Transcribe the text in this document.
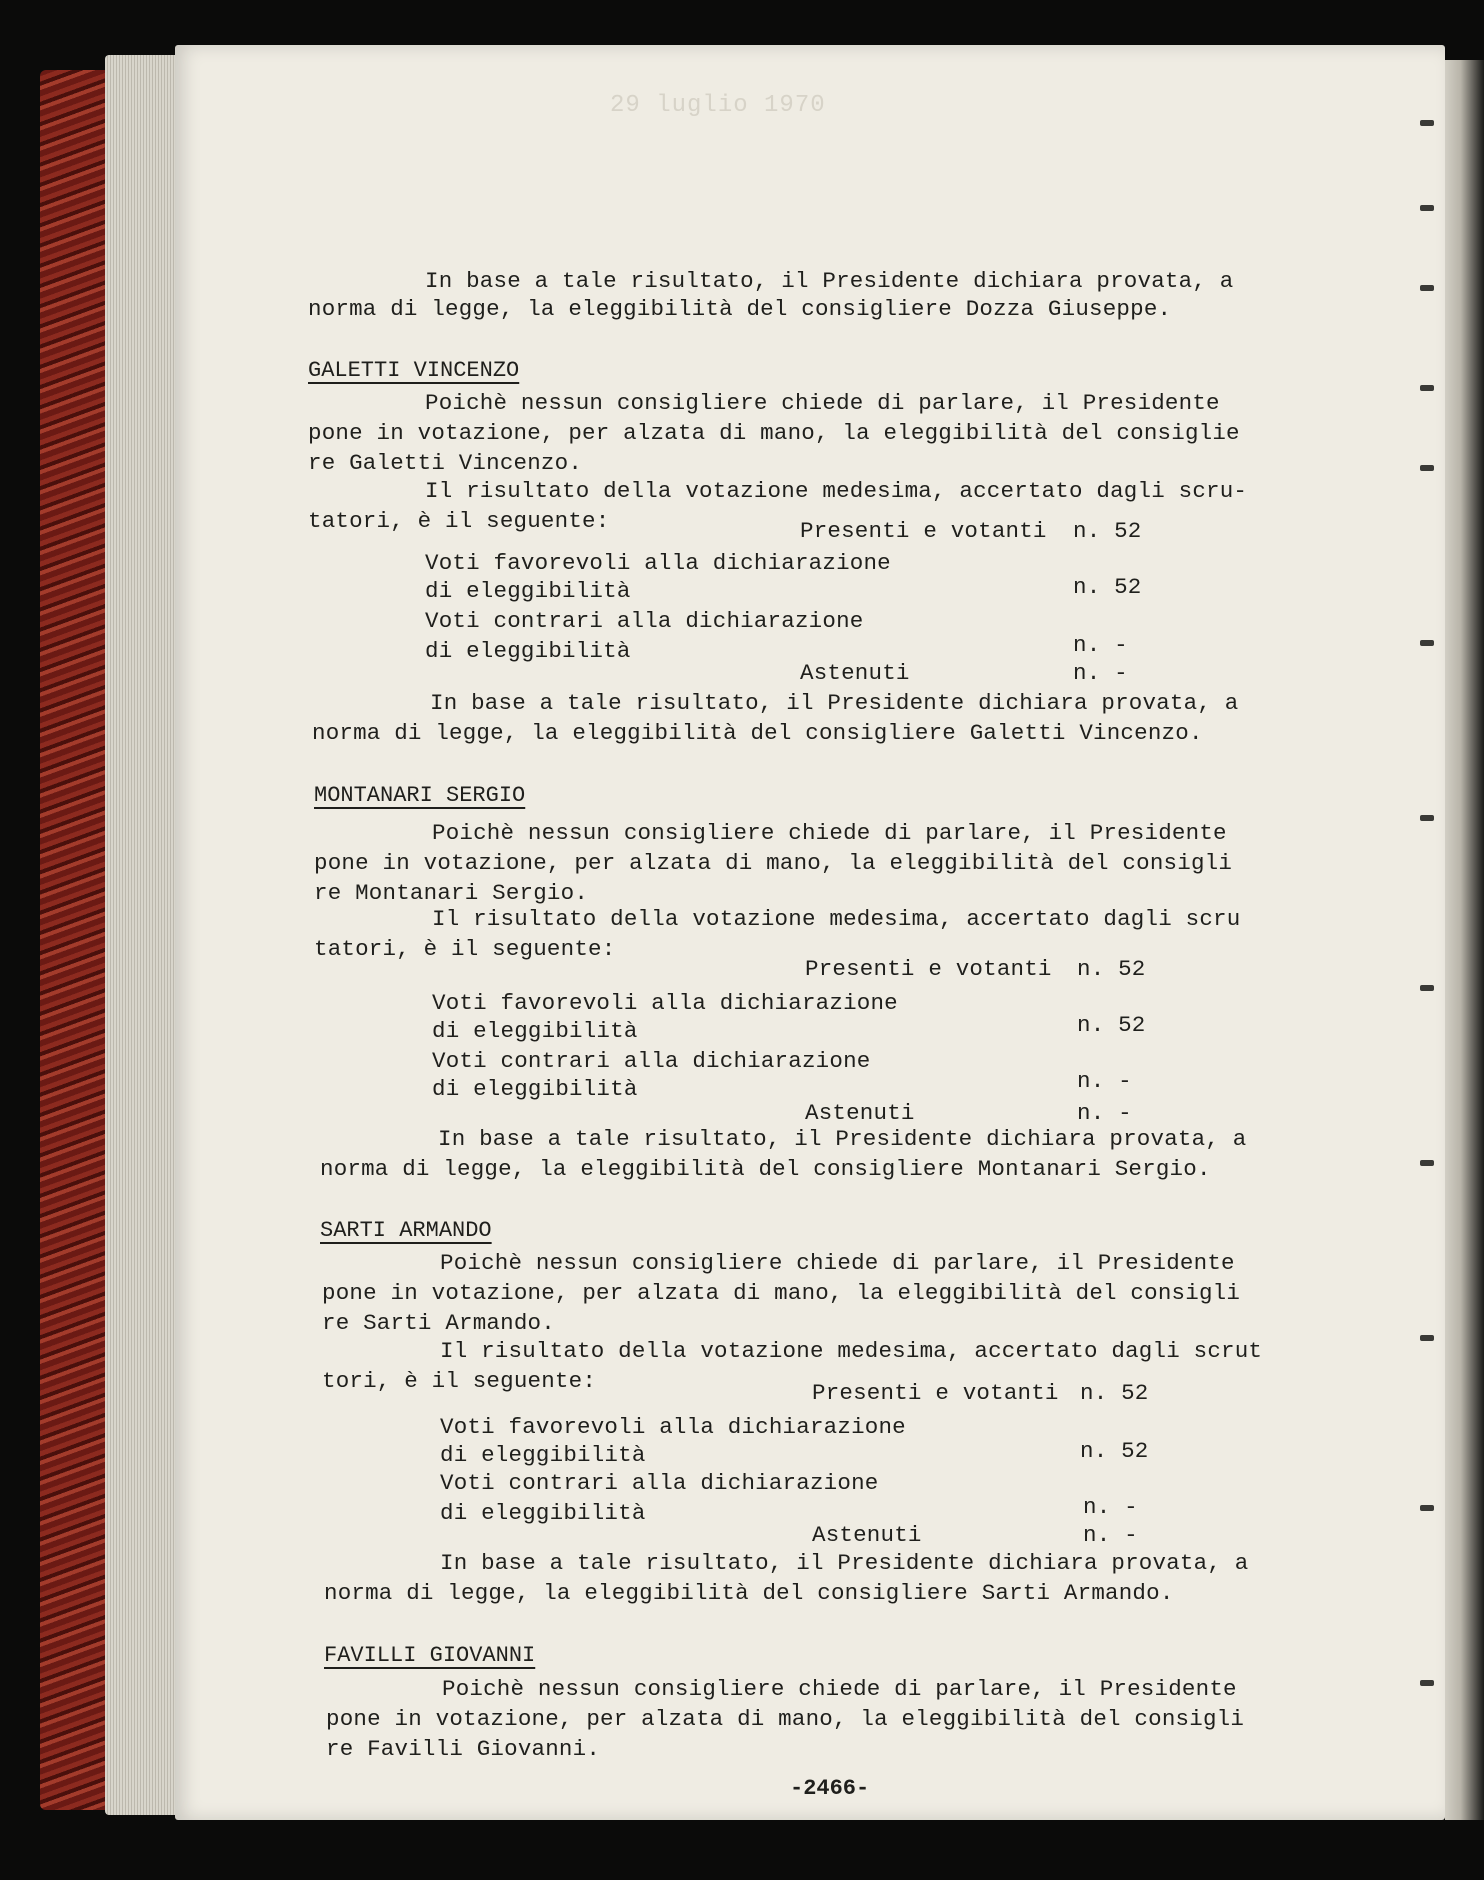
29 luglio 1970
In base a tale risultato, il Presidente dichiara provata, a
norma di legge, la eleggibilità del consigliere Dozza Giuseppe.
GALETTI VINCENZO
Poichè nessun consigliere chiede di parlare, il Presidente
pone in votazione, per alzata di mano, la eleggibilità del consiglie
re Galetti Vincenzo.
Il risultato della votazione medesima, accertato dagli scru-
tatori, è il seguente:	Presenti e votanti n. 52
Voti favorevoli alla dichiarazione
di eleggibilità	n. 52
Voti contrari alla dichiarazione
di eleggibilità	n. -
Astenuti	n. -
In base a tale risultato, il Presidente dichiara provata, a
norma di legge, la eleggibilità del consigliere Galetti Vincenzo.
MONTANARI SERGIO
Poichè nessun consigliere chiede di parlare, il Presidente
pone in votazione, per alzata di mano, la eleggibilità del consigli
re Montanari Sergio.
Il risultato della votazione medesima, accertato dagli scru
tatori, è il seguente:
Presenti e votanti n. 52
Voti favorevoli alla dichiarazione
di eleggibilità	n. 52
Voti contrari alla dichiarazione
di eleggibilità	n. -
Astenuti	n. -
In base a tale risultato, il Presidente dichiara provata, a
norma di legge, la eleggibilità del consigliere Montanari Sergio.
SARTI ARMANDO
Poichè nessun consigliere chiede di parlare, il Presidente
pone in votazione, per alzata di mano, la eleggibilità del consigli
re Sarti Armando.
Il risultato della votazione medesima, accertato dagli scrut
tori, è il seguente:	Presenti e votanti n. 52
Voti favorevoli alla dichiarazione
di eleggibilità	n. 52
Voti contrari alla dichiarazione
di eleggibilità	n. -
Astenuti	n. -
In base a tale risultato, il Presidente dichiara provata, a
norma di legge, la eleggibilità del consigliere Sarti Armando.
FAVILLI GIOVANNI
Poichè nessun consigliere chiede di parlare, il Presidente
pone in votazione, per alzata di mano, la eleggibilità del consigli
re Favilli Giovanni.
-2466-
